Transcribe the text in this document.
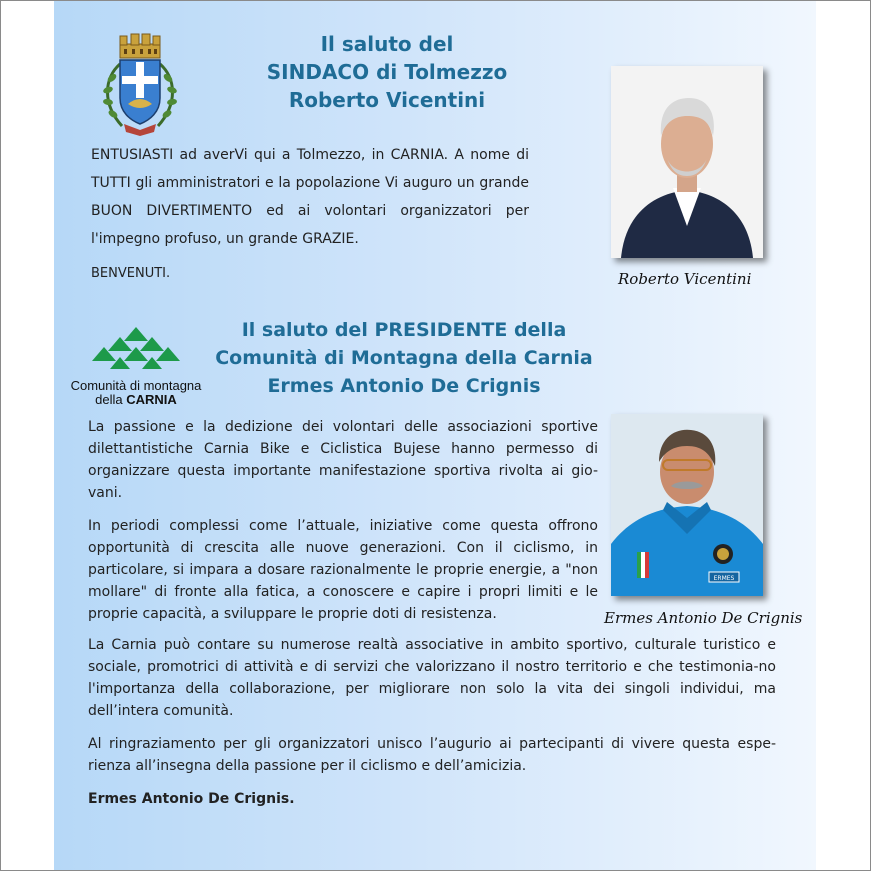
Il saluto del
SINDACO di Tolmezzo
Roberto Vicentini
ENTUSIASTI ad averVi qui a Tolmezzo, in CARNIA. A nome di TUTTI gli amministratori e la popolazione Vi auguro un grande BUON DIVERTIMENTO ed ai volontari organizzatori per l'impegno profuso, un grande GRAZIE.
BENVENUTI.	Roberto Vicentini
Comunità di montagna
della CARNIA
Il saluto del PRESIDENTE della
Comunità di Montagna della Carnia
Ermes Antonio De Crignis
La passione e la dedizione dei volontari delle associazioni sportive dilettantistiche Carnia Bike e Ciclistica Bujese hanno permesso di organizzare questa importante manifestazione sportiva rivolta ai gio-vani.
In periodi complessi come l’attuale, iniziative come questa offrono opportunità di crescita alle nuove generazioni. Con il ciclismo, in particolare, si impara a dosare razionalmente le proprie energie, a "non mollare" di fronte alla fatica, a conoscere e capire i propri limiti e le proprie capacità, a sviluppare le proprie doti di resistenza.
La Carnia può contare su numerose realtà associative in ambito sportivo, culturale turistico e sociale, promotrici di attività e di servizi che valorizzano il nostro territorio e che testimonia-no l'importanza della collaborazione, per migliorare non solo la vita dei singoli individui, ma dell’intera comunità.
Al ringraziamento per gli organizzatori unisco l’augurio ai partecipanti di vivere questa espe-rienza all’insegna della passione per il ciclismo e dell’amicizia.
Ermes Antonio De Crignis.
ERMES
Ermes Antonio De Crignis
